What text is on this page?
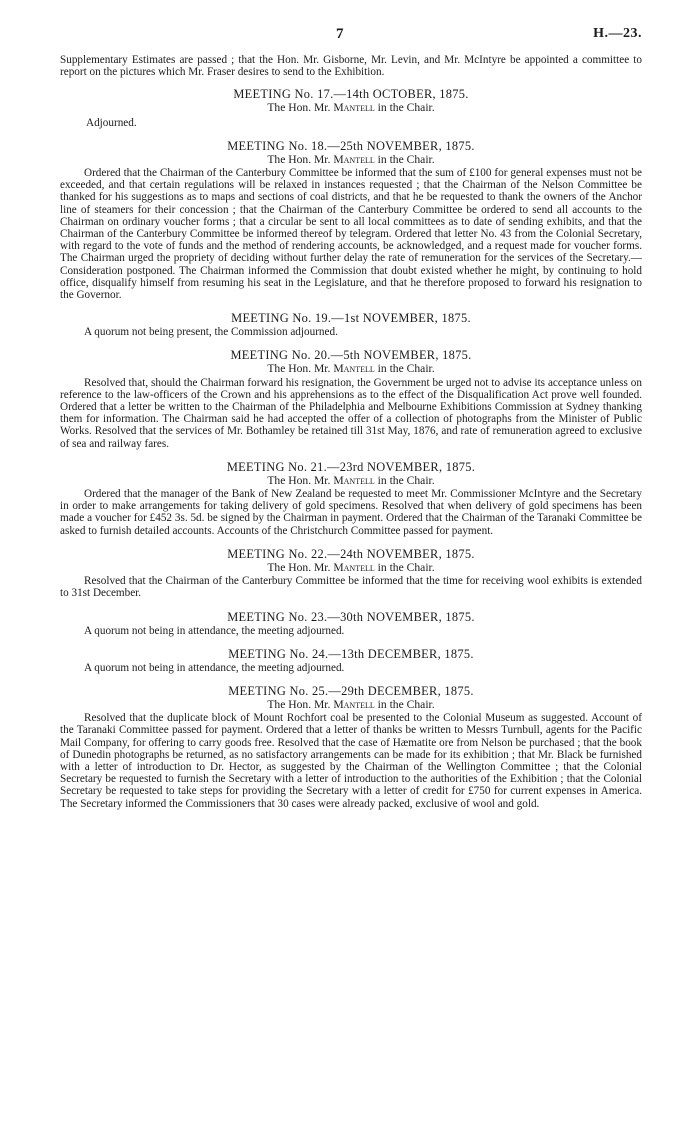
7	H.—23.

Supplementary Estimates are passed ; that the Hon. Mr. Gisborne, Mr. Levin, and Mr. McIntyre be appointed a committee to report on the pictures which Mr. Fraser desires to send to the Exhibition.

MEETING No. 17.—14th OCTOBER, 1875.
The Hon. Mr. Mantell in the Chair.
Adjourned.
MEETING No. 18.—25th NOVEMBER, 1875.
The Hon. Mr. Mantell in the Chair.

Ordered that the Chairman of the Canterbury Committee be informed that the sum of £100 for general expenses must not be exceeded, and that certain regulations will be relaxed in instances requested ; that the Chairman of the Nelson Committee be thanked for his suggestions as to maps and sections of coal districts, and that he be requested to thank the owners of the Anchor line of steamers for their concession ; that the Chairman of the Canterbury Committee be ordered to send all accounts to the Chairman on ordinary voucher forms ; that a circular be sent to all local committees as to date of sending exhibits, and that the Chairman of the Canterbury Committee be informed thereof by telegram. Ordered that letter No. 43 from the Colonial Secretary, with regard to the vote of funds and the method of rendering accounts, be acknowledged, and a request made for voucher forms. The Chairman urged the propriety of deciding without further delay the rate of remuneration for the services of the Secretary.—Consideration postponed. The Chairman informed the Commission that doubt existed whether he might, by continuing to hold office, disqualify himself from resuming his seat in the Legislature, and that he therefore proposed to forward his resignation to the Governor.

MEETING No. 19.—1st NOVEMBER, 1875.

A quorum not being present, the Commission adjourned.

MEETING No. 20.—5th NOVEMBER, 1875.
The Hon. Mr. Mantell in the Chair.

Resolved that, should the Chairman forward his resignation, the Government be urged not to advise its acceptance unless on reference to the law-officers of the Crown and his apprehensions as to the effect of the Disqualification Act prove well founded. Ordered that a letter be written to the Chairman of the Philadelphia and Melbourne Exhibitions Commission at Sydney thanking them for information. The Chairman said he had accepted the offer of a collection of photographs from the Minister of Public Works. Resolved that the services of Mr. Bothamley be retained till 31st May, 1876, and rate of remuneration agreed to exclusive of sea and railway fares.

MEETING No. 21.—23rd NOVEMBER, 1875.
The Hon. Mr. Mantell in the Chair.

Ordered that the manager of the Bank of New Zealand be requested to meet Mr. Commissioner McIntyre and the Secretary in order to make arrangements for taking delivery of gold specimens. Resolved that when delivery of gold specimens has been made a voucher for £452 3s. 5d. be signed by the Chairman in payment. Ordered that the Chairman of the Taranaki Committee be asked to furnish detailed accounts. Accounts of the Christchurch Committee passed for payment.

MEETING No. 22.—24th NOVEMBER, 1875.
The Hon. Mr. Mantell in the Chair.

Resolved that the Chairman of the Canterbury Committee be informed that the time for receiving wool exhibits is extended to 31st December.

MEETING No. 23.—30th NOVEMBER, 1875.

A quorum not being in attendance, the meeting adjourned.

MEETING No. 24.—13th DECEMBER, 1875.

A quorum not being in attendance, the meeting adjourned.

MEETING No. 25.—29th DECEMBER, 1875.
The Hon. Mr. Mantell in the Chair.

Resolved that the duplicate block of Mount Rochfort coal be presented to the Colonial Museum as suggested. Account of the Taranaki Committee passed for payment. Ordered that a letter of thanks be written to Messrs Turnbull, agents for the Pacific Mail Company, for offering to carry goods free. Resolved that the case of Hæmatite ore from Nelson be purchased ; that the book of Dunedin photographs be returned, as no satisfactory arrangements can be made for its exhibition ; that Mr. Black be furnished with a letter of introduction to Dr. Hector, as suggested by the Chairman of the Wellington Committee ; that the Colonial Secretary be requested to furnish the Secretary with a letter of introduction to the authorities of the Exhibition ; that the Colonial Secretary be requested to take steps for providing the Secretary with a letter of credit for £750 for current expenses in America. The Secretary informed the Commissioners that 30 cases were already packed, exclusive of wool and gold.
